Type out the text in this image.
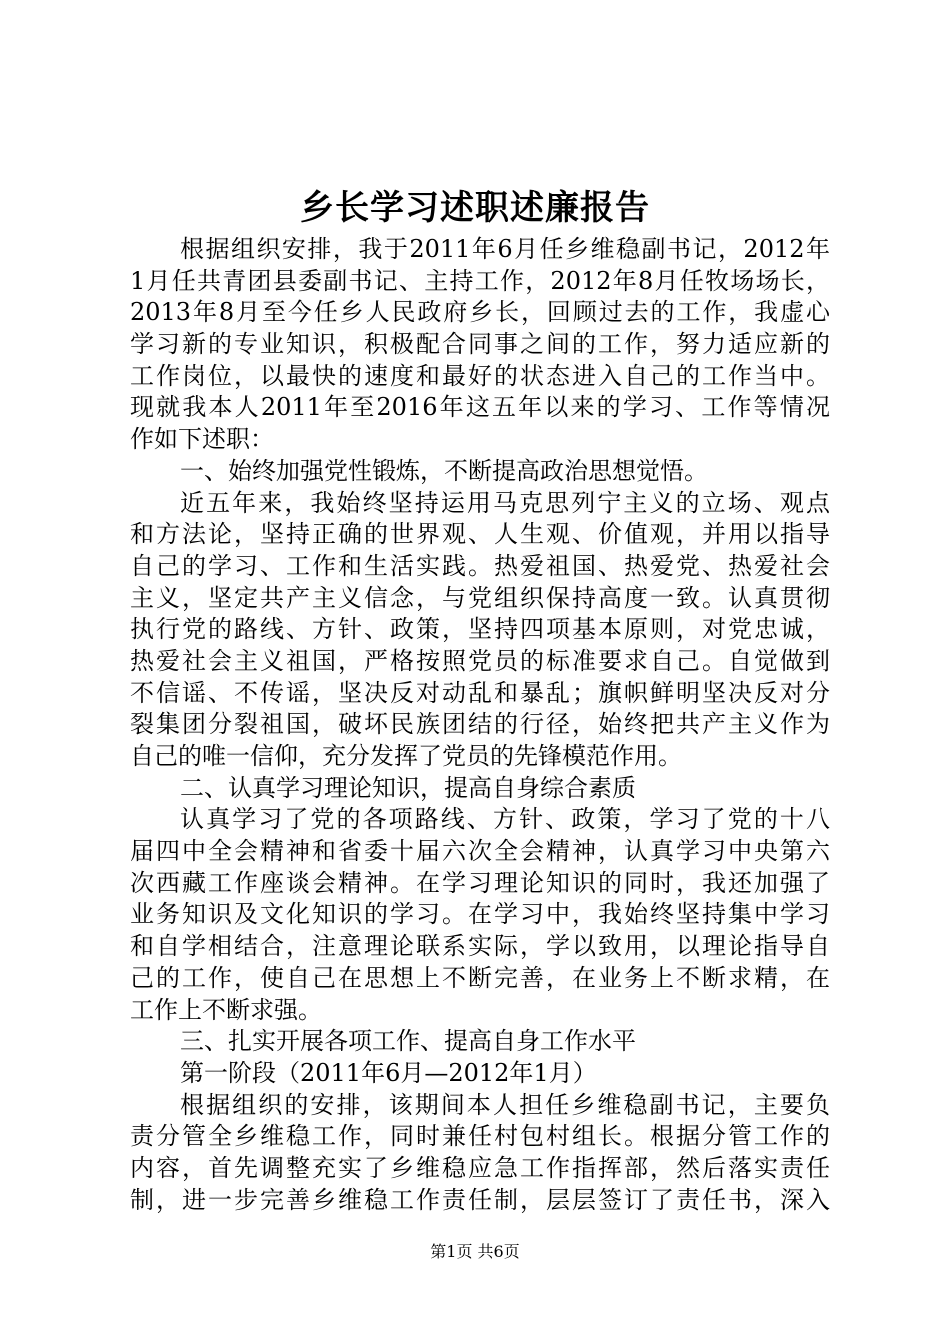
乡长学习述职述廉报告
根据组织安排，我于2011年6月任乡维稳副书记，2012年
1月任共青团县委副书记、主持工作，2012年8月任牧场场长，
2013年8月至今任乡人民政府乡长，回顾过去的工作，我虚心
学习新的专业知识，积极配合同事之间的工作，努力适应新的
工作岗位，以最快的速度和最好的状态进入自己的工作当中。
现就我本人2011年至2016年这五年以来的学习、工作等情况
作如下述职：
一、始终加强党性锻炼，不断提高政治思想觉悟。
近五年来，我始终坚持运用马克思列宁主义的立场、观点
和方法论，坚持正确的世界观、人生观、价值观，并用以指导
自己的学习、工作和生活实践。热爱祖国、热爱党、热爱社会
主义，坚定共产主义信念，与党组织保持高度一致。认真贯彻
执行党的路线、方针、政策，坚持四项基本原则，对党忠诚，
热爱社会主义祖国，严格按照党员的标准要求自己。自觉做到
不信谣、不传谣，坚决反对动乱和暴乱；旗帜鲜明坚决反对分
裂集团分裂祖国，破坏民族团结的行径，始终把共产主义作为
自己的唯一信仰，充分发挥了党员的先锋模范作用。
二、认真学习理论知识，提高自身综合素质
认真学习了党的各项路线、方针、政策，学习了党的十八
届四中全会精神和省委十届六次全会精神，认真学习中央第六
次西藏工作座谈会精神。在学习理论知识的同时，我还加强了
业务知识及文化知识的学习。在学习中，我始终坚持集中学习
和自学相结合，注意理论联系实际，学以致用，以理论指导自
己的工作，使自己在思想上不断完善，在业务上不断求精，在
工作上不断求强。
三、扎实开展各项工作、提高自身工作水平
第一阶段（2011年6月—2012年1月）
根据组织的安排，该期间本人担任乡维稳副书记，主要负
责分管全乡维稳工作，同时兼任村包村组长。根据分管工作的
内容，首先调整充实了乡维稳应急工作指挥部，然后落实责任
制，进一步完善乡维稳工作责任制，层层签订了责任书，深入
第1页 共6页
